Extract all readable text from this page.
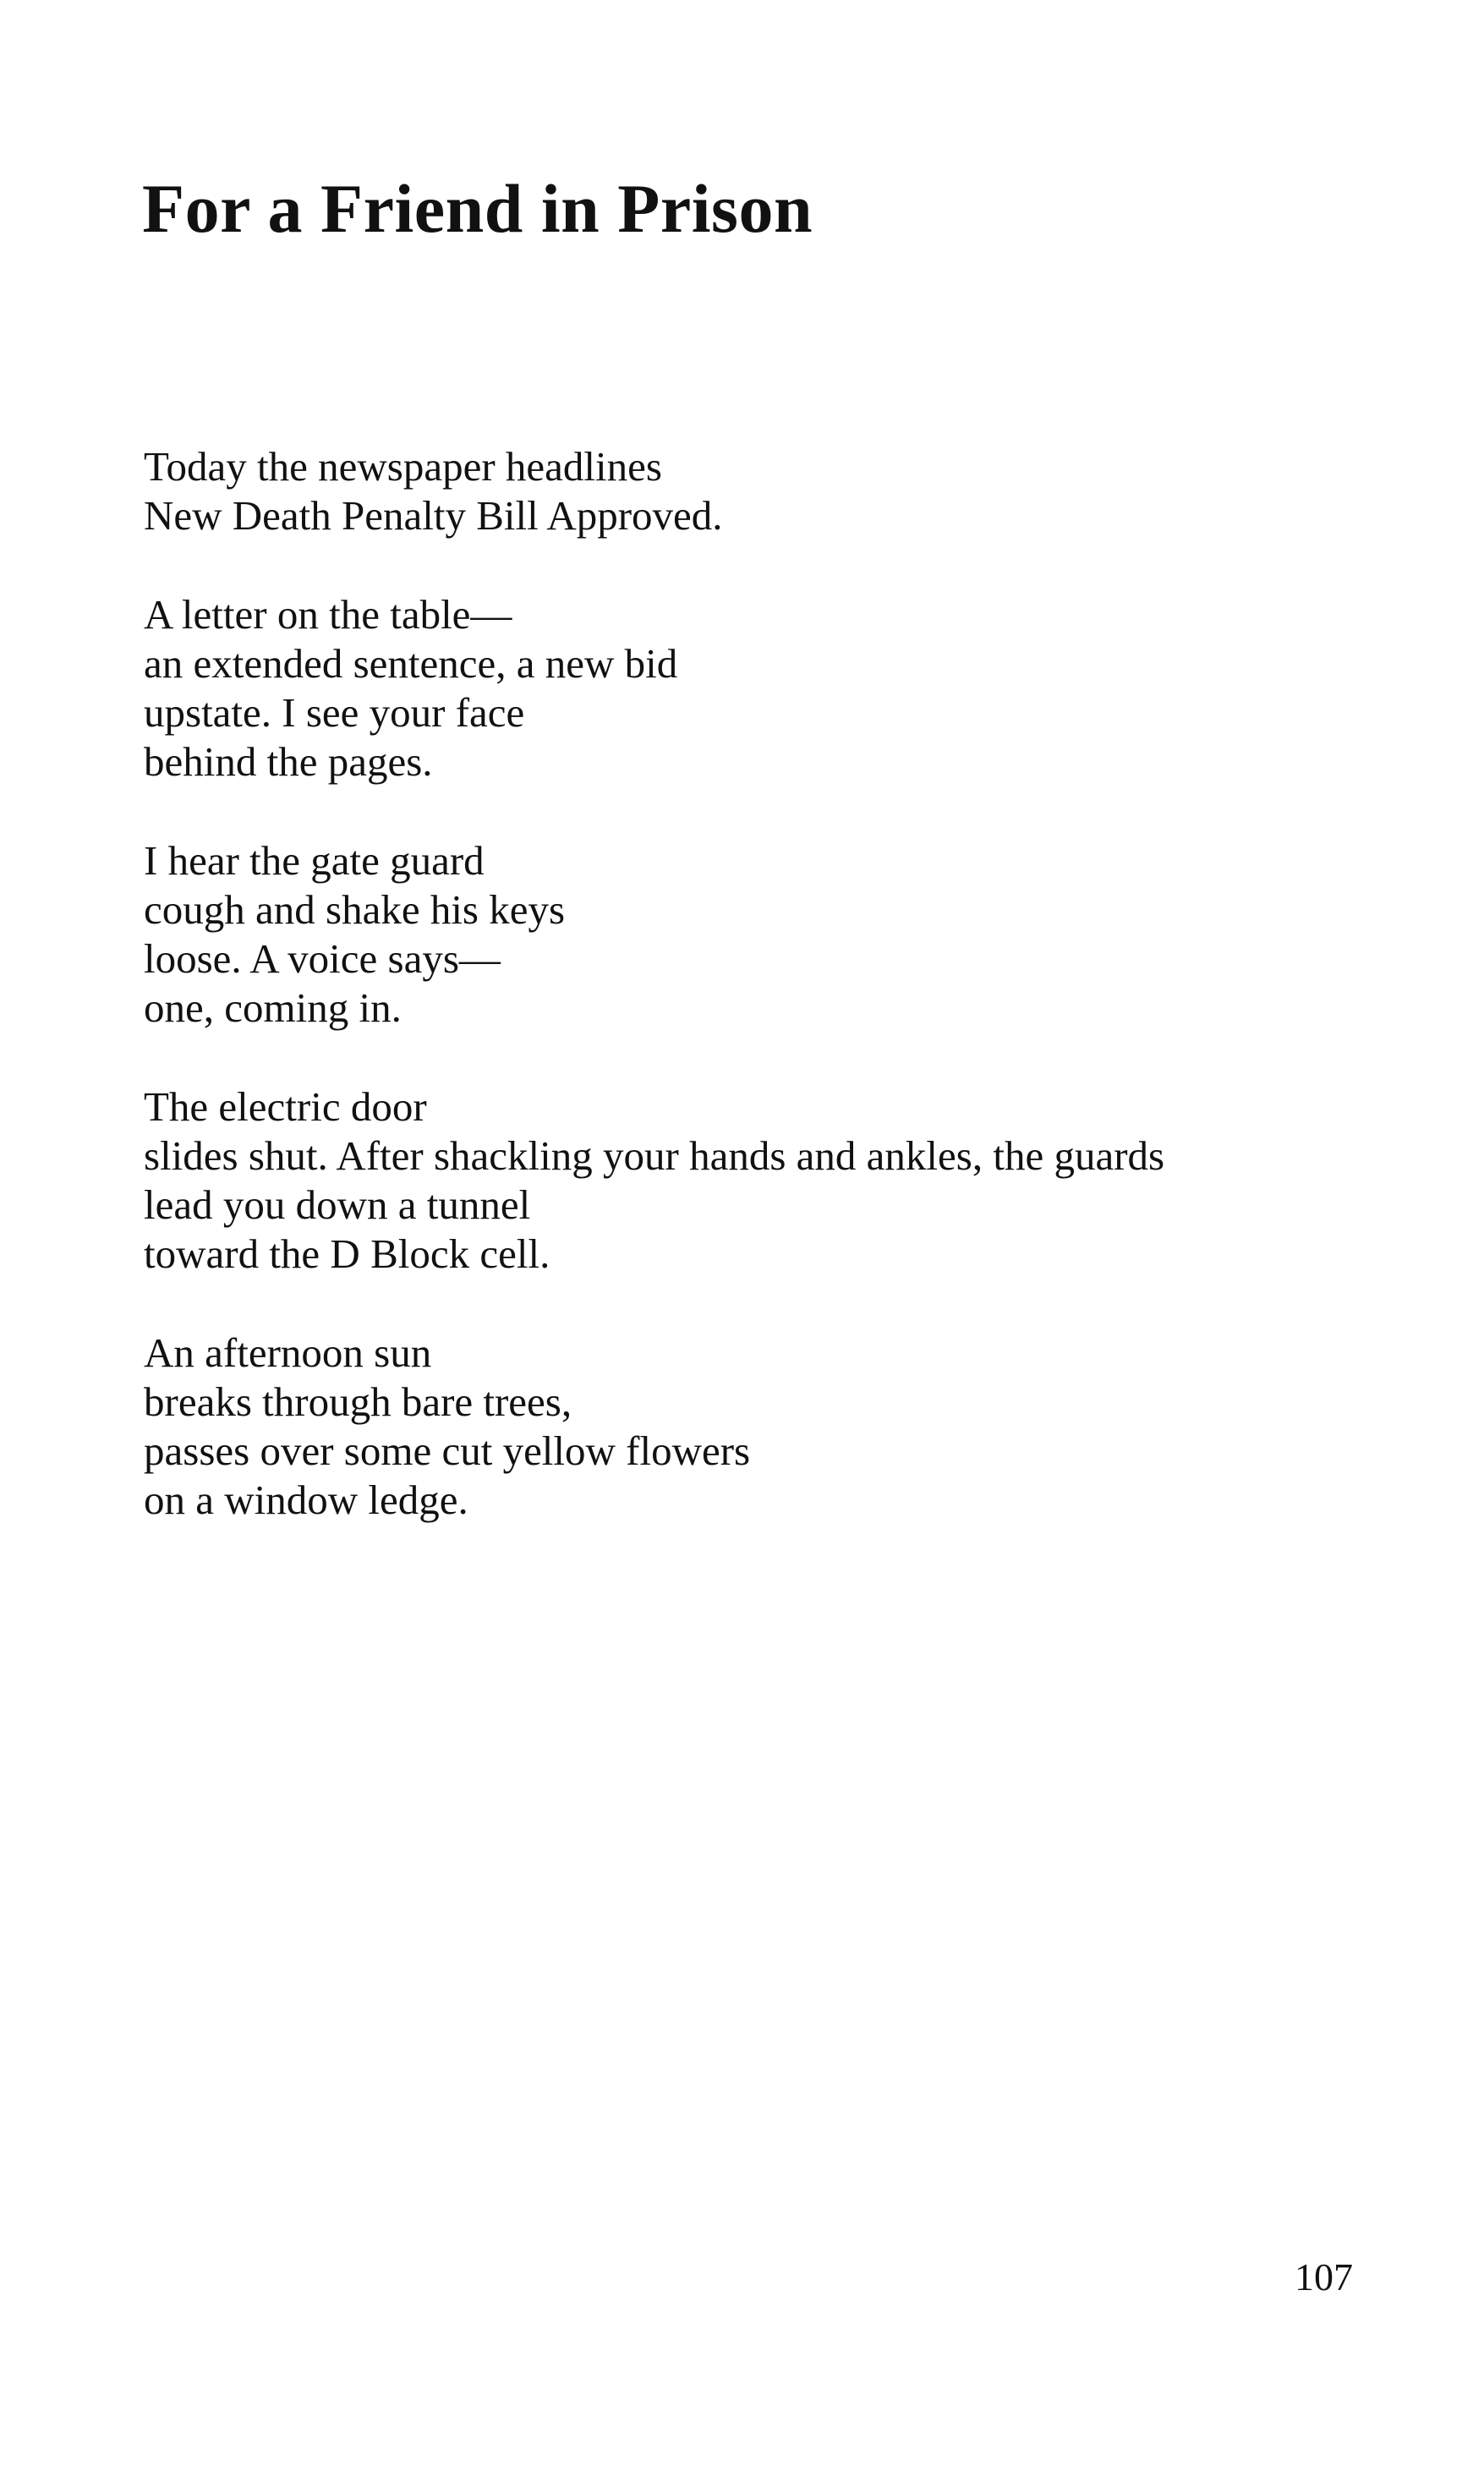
For a Friend in Prison
Today the newspaper headlines
New Death Penalty Bill Approved.
A letter on the table—
an extended sentence, a new bid
upstate. I see your face
behind the pages.
I hear the gate guard
cough and shake his keys
loose. A voice says—
one, coming in.
The electric door
slides shut. After shackling your hands and ankles, the guards
lead you down a tunnel
toward the D Block cell.
An afternoon sun
breaks through bare trees,
passes over some cut yellow flowers
on a window ledge.
107
